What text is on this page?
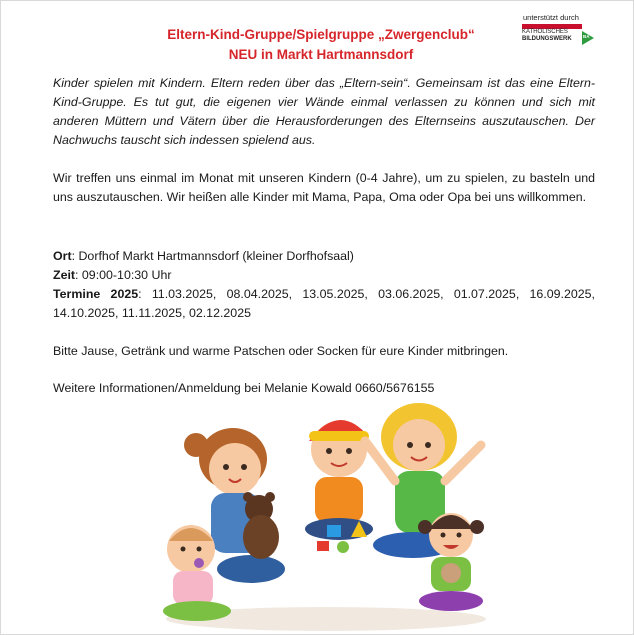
Eltern-Kind-Gruppe/Spielgruppe „Zwergenclub“
NEU in Markt Hartmannsdorf
unterstützt durch
KATHOLISCHES
BILDUNGSWERK	BA
Kinder spielen mit Kindern. Eltern reden über das „Eltern-sein“. Gemeinsam ist das eine Eltern-Kind-Gruppe. Es tut gut, die eigenen vier Wände einmal verlassen zu können und sich mit anderen Müttern und Vätern über die Herausforderungen des Elternseins auszutauschen. Der Nachwuchs tauscht sich indessen spielend aus.
Wir treffen uns einmal im Monat mit unseren Kindern (0-4 Jahre), um zu spielen, zu basteln und uns auszutauschen. Wir heißen alle Kinder mit Mama, Papa, Oma oder Opa bei uns willkommen.
Ort: Dorfhof Markt Hartmannsdorf (kleiner Dorfhofsaal)
Zeit: 09:00-10:30 Uhr
Termine 2025: 11.03.2025, 08.04.2025, 13.05.2025, 03.06.2025, 01.07.2025, 16.09.2025, 14.10.2025, 11.11.2025, 02.12.2025
Bitte Jause, Getränk und warme Patschen oder Socken für eure Kinder mitbringen.
Weitere Informationen/Anmeldung bei Melanie Kowald 0660/5676155
